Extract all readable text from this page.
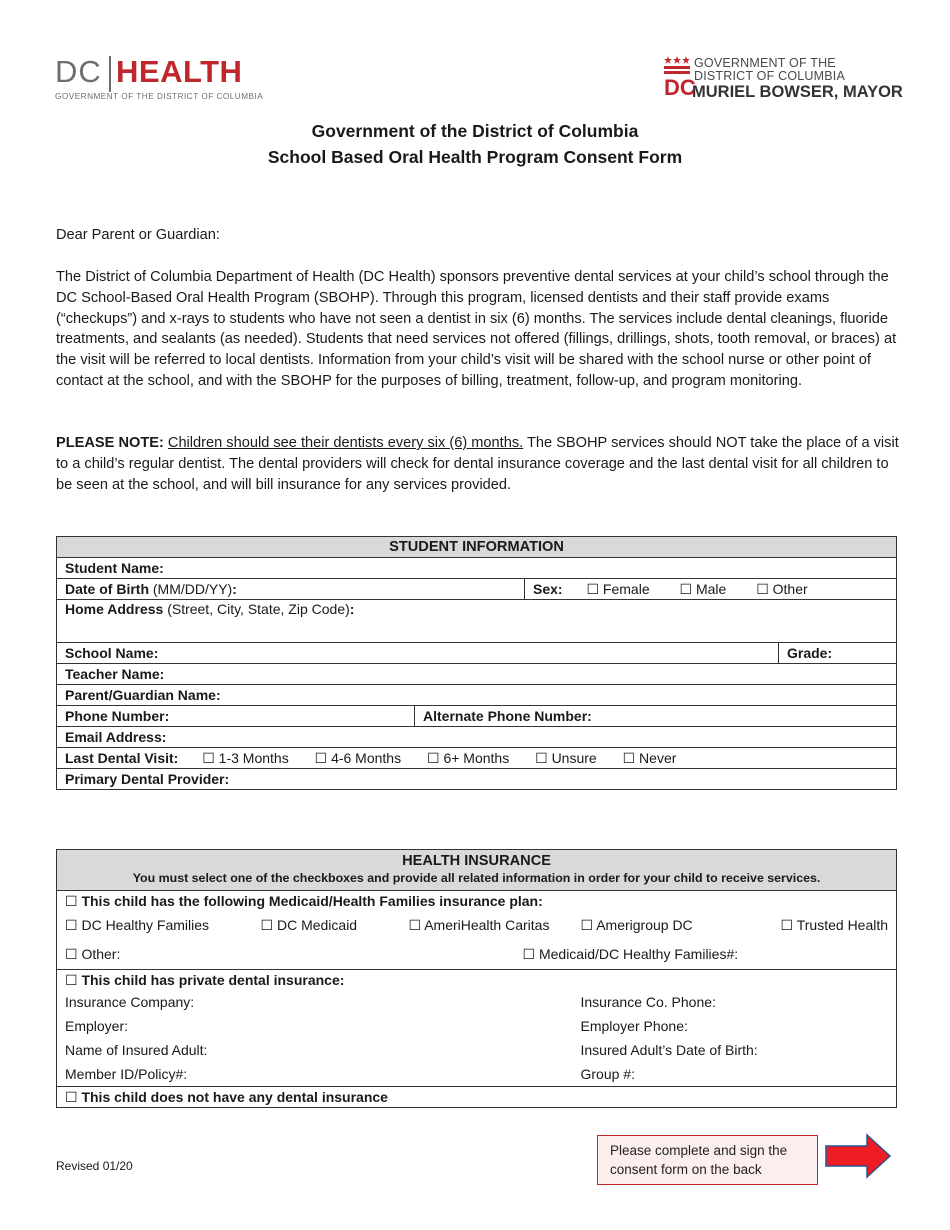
DC HEALTH
GOVERNMENT OF THE DISTRICT OF COLUMBIA	DC
GOVERNMENT OF THE
DISTRICT OF COLUMBIA
MURIEL BOWSER, MAYOR
Government of the District of Columbia
School Based Oral Health Program Consent Form

Dear Parent or Guardian:

The District of Columbia Department of Health (DC Health) sponsors preventive dental services at your child’s school through the DC School-Based Oral Health Program (SBOHP). Through this program, licensed dentists and their staff provide exams (“checkups”) and x-rays to students who have not seen a dentist in six (6) months. The services include dental cleanings, fluoride treatments, and sealants (as needed). Students that need services not offered (fillings, drillings, shots, tooth removal, or braces) at the visit will be referred to local dentists. Information from your child’s visit will be shared with the school nurse or other point of contact at the school, and with the SBOHP for the purposes of billing, treatment, follow-up, and program monitoring.

PLEASE NOTE: Children should see their dentists every six (6) months. The SBOHP services should NOT take the place of a visit to a child’s regular dentist. The dental providers will check for dental insurance coverage and the last dental visit for all children to be seen at the school, and will bill insurance for any services provided.

STUDENT INFORMATION			
Student Name:			
Date of Birth (MM/DD/YY):		Sex: ☐ Female ☐ Male ☐ Other	
Home Address (Street, City, State, Zip Code):			
School Name:			Grade:
Teacher Name:			
Parent/Guardian Name:			
Phone Number:	Alternate Phone Number:		
Email Address:			
Last Dental Visit: ☐ 1-3 Months ☐ 4-6 Months ☐ 6+ Months ☐ Unsure ☐ Never			
Primary Dental Provider:			
HEALTH INSURANCE
You must select one of the checkboxes and provide all related information in order for your child to receive services.				

☐ This child has the following Medicaid/Health Families insurance plan:				
☐ DC Healthy Families	☐ DC Medicaid	☐ AmeriHealth Caritas	☐ Amerigroup DC	☐ Trusted Health
☐ Other:			☐ Medicaid/DC Healthy Families#:	
☐ This child has private dental insurance:				
Insurance Company:			Insurance Co. Phone:	
Employer:			Employer Phone:	
Name of Insured Adult:			Insured Adult’s Date of Birth:	
Member ID/Policy#:			Group #:	
☐ This child does not have any dental insurance				
Revised 01/20
Please complete and sign the consent form on the back
